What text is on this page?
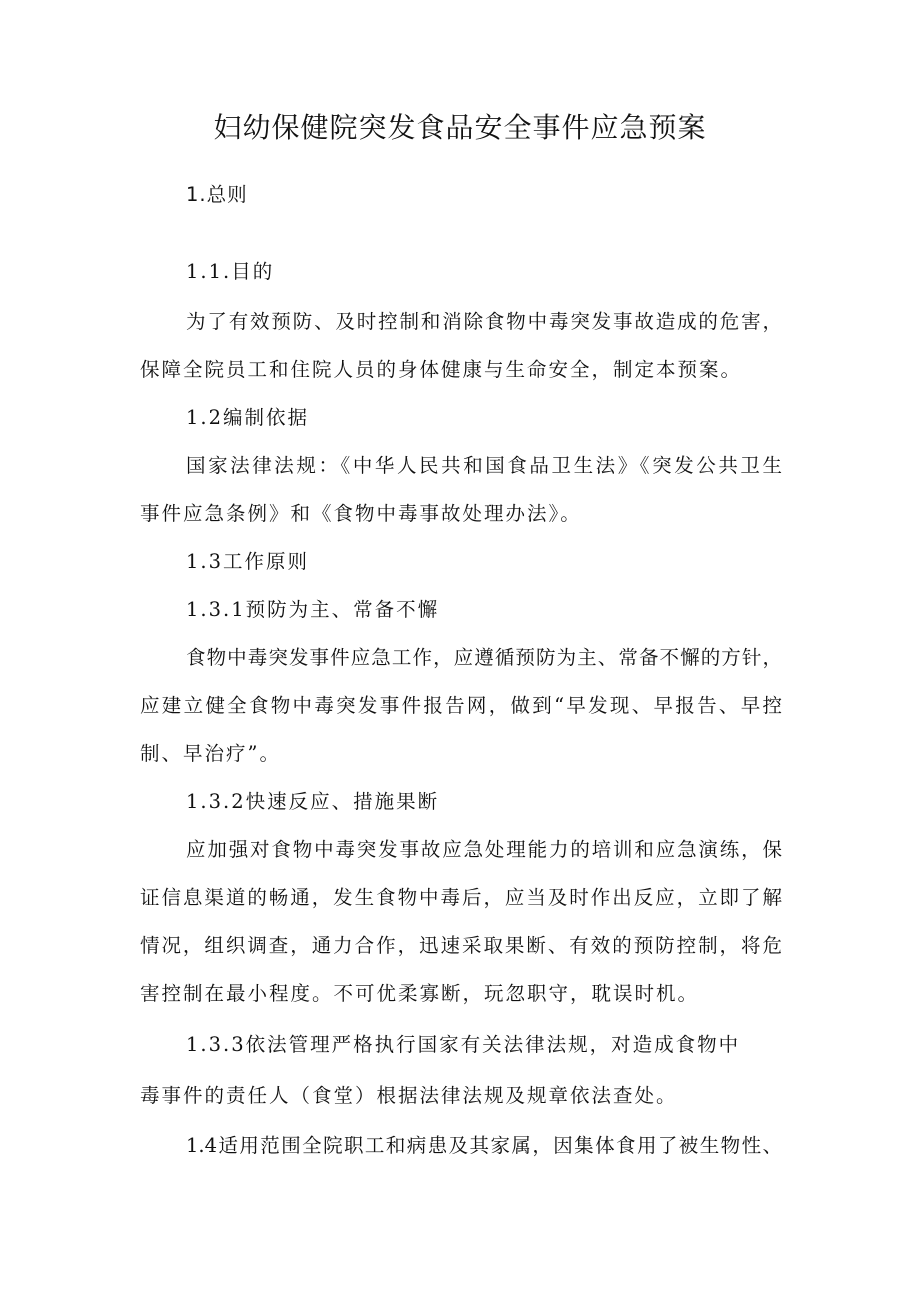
妇幼保健院突发食品安全事件应急预案
1.总则
1.1.目的
为了有效预防、及时控制和消除食物中毒突发事故造成的危害，
保障全院员工和住院人员的身体健康与生命安全，制定本预案。
1.2编制依据
国家法律法规：《中华人民共和国食品卫生法》《突发公共卫生
事件应急条例》和《食物中毒事故处理办法》。
1.3工作原则
1.3.1预防为主、常备不懈
食物中毒突发事件应急工作，应遵循预防为主、常备不懈的方针，
应建立健全食物中毒突发事件报告网，做到“早发现、早报告、早控
制、早治疗”。
1.3.2快速反应、措施果断
应加强对食物中毒突发事故应急处理能力的培训和应急演练，保
证信息渠道的畅通，发生食物中毒后，应当及时作出反应，立即了解
情况，组织调查，通力合作，迅速采取果断、有效的预防控制，将危
害控制在最小程度。不可优柔寡断，玩忽职守，耽误时机。
1.3.3依法管理严格执行国家有关法律法规，对造成食物中
毒事件的责任人（食堂）根据法律法规及规章依法查处。
1.4适用范围全院职工和病患及其家属，因集体食用了被生物性、
